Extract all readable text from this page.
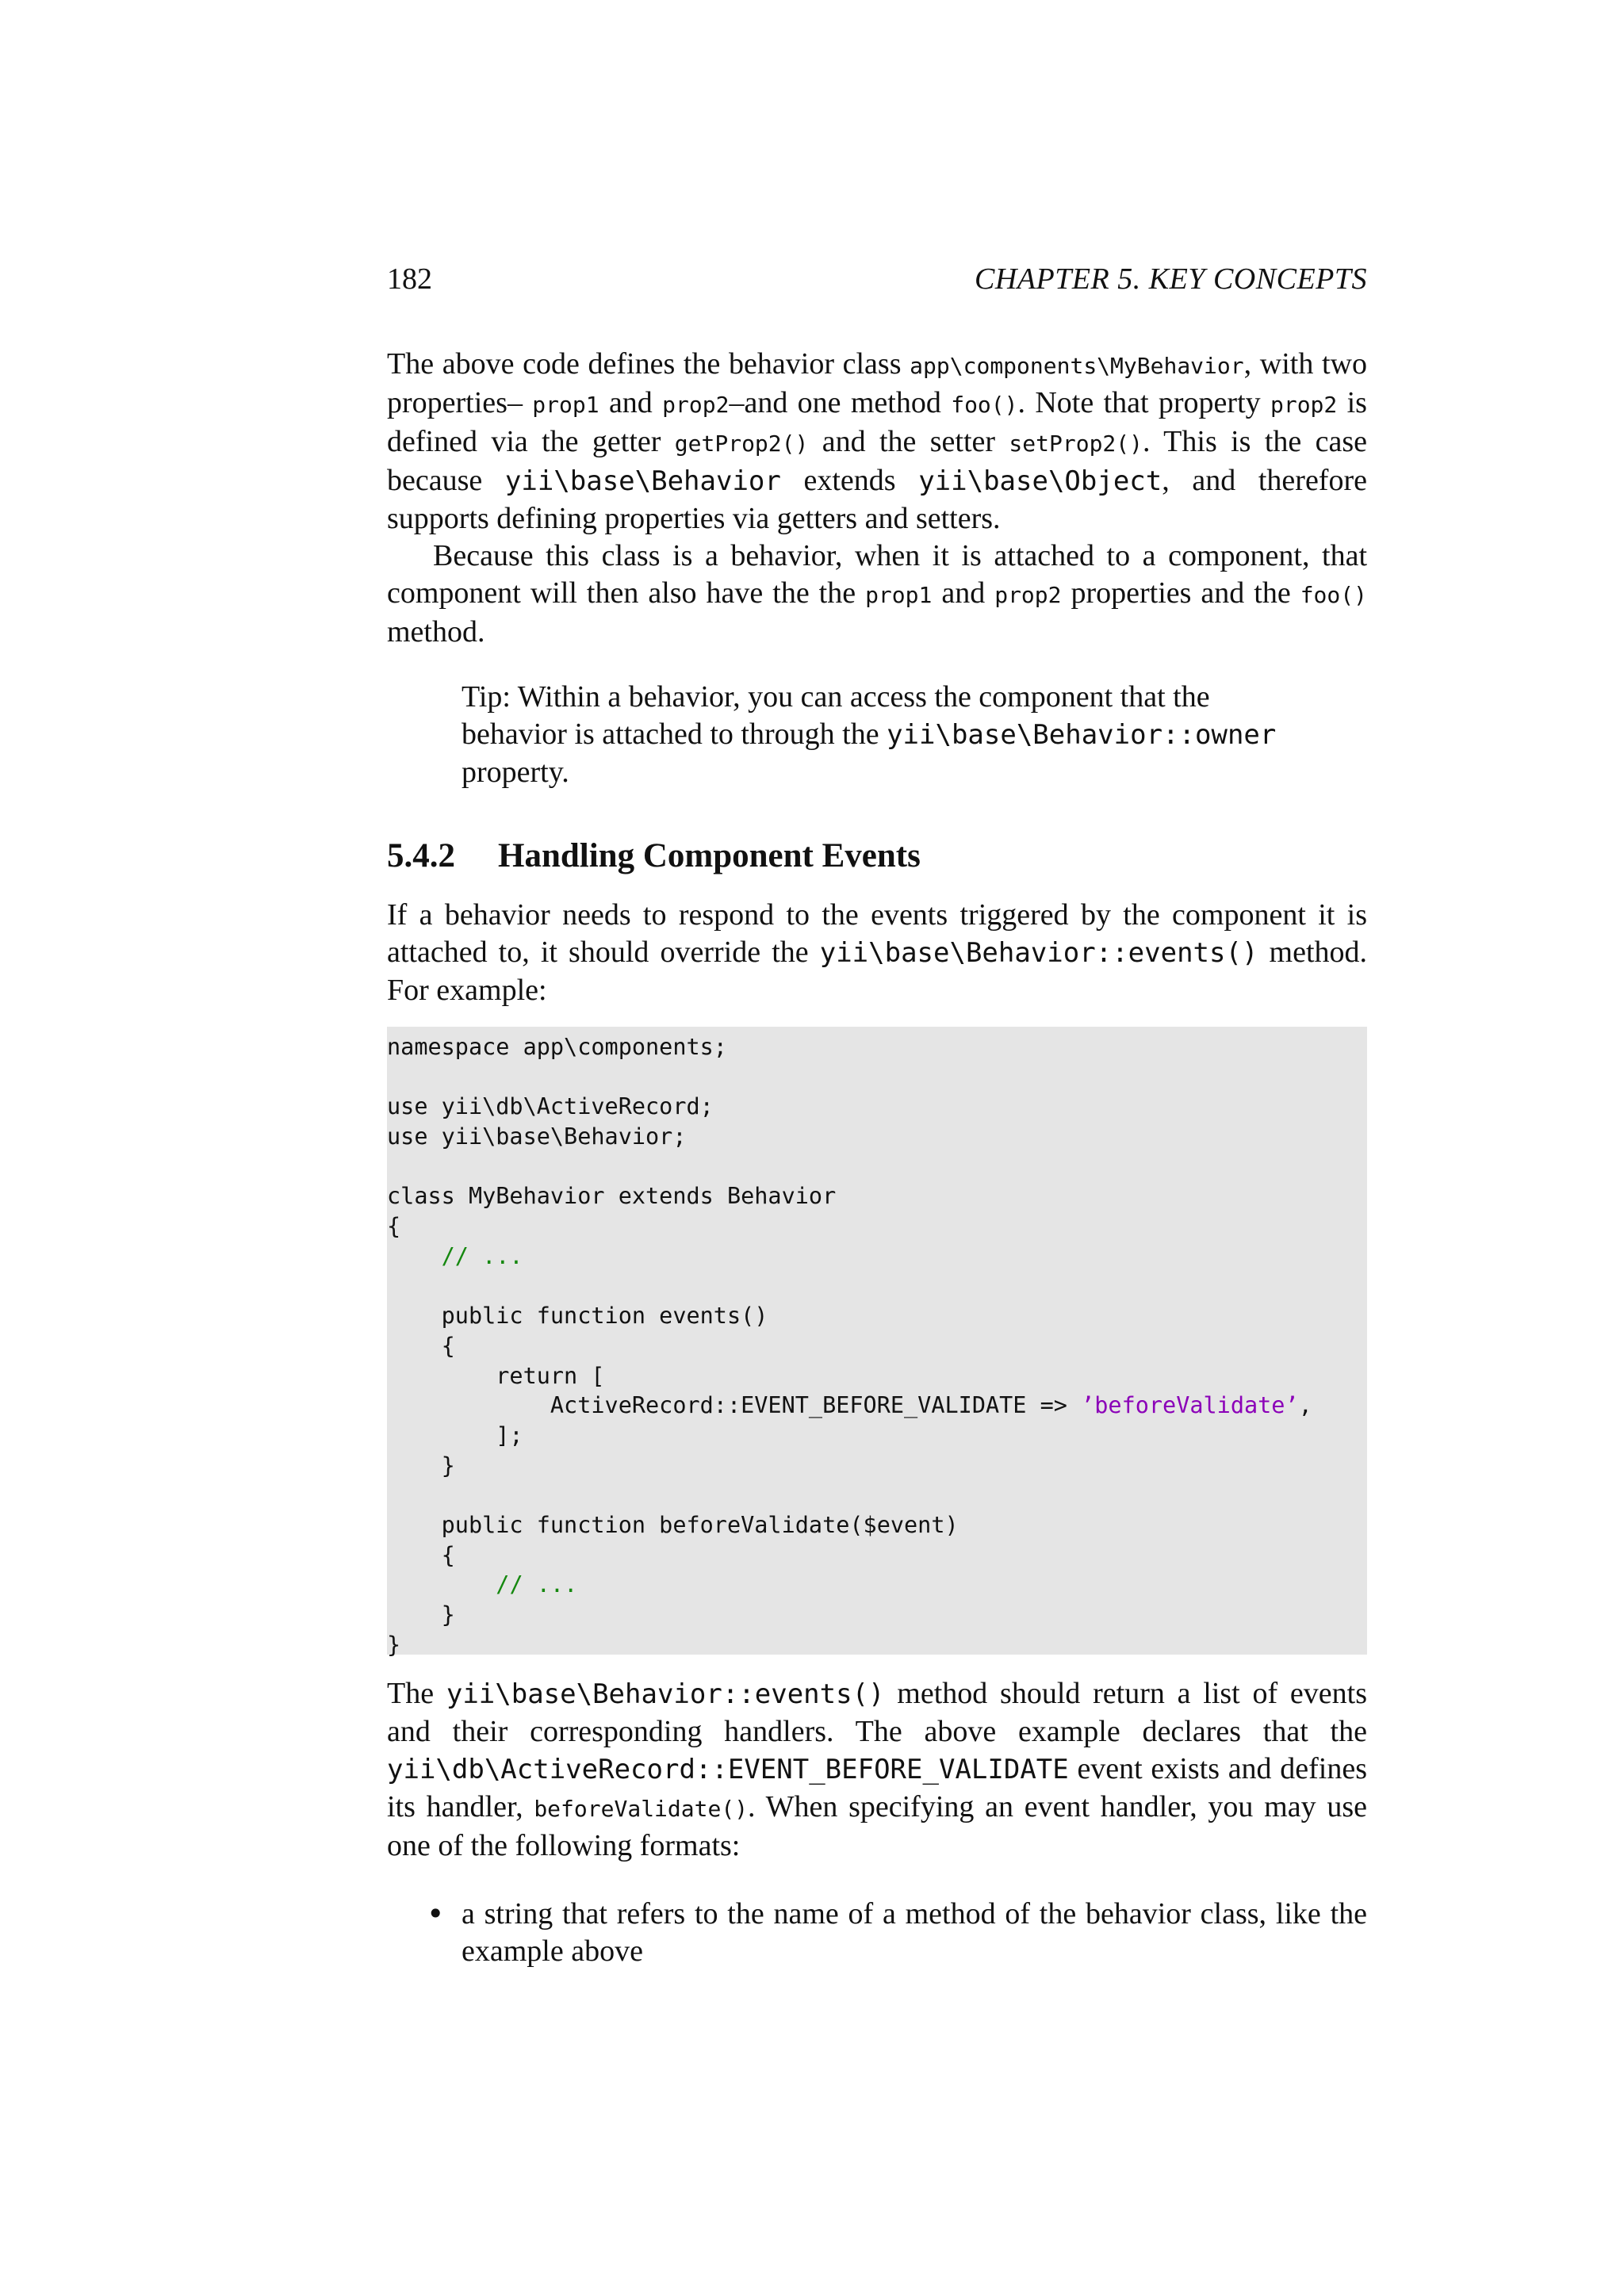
182	CHAPTER 5. KEY CONCEPTS

The above code defines the behavior class app\components\MyBehavior, with two properties– prop1 and prop2–and one method foo(). Note that property prop2 is defined via the getter getProp2() and the setter setProp2(). This is the case because yii\base\Behavior extends yii\base\Object, and therefore supports defining properties via getters and setters.

Because this class is a behavior, when it is attached to a component, that component will then also have the the prop1 and prop2 properties and the foo() method.

Tip: Within a behavior, you can access the component that the behavior is attached to through the yii\base\Behavior::owner property.
5.4.2 Handling Component Events

If a behavior needs to respond to the events triggered by the component it is attached to, it should override the yii\base\Behavior::events() method. For example:

namespace app\components;
use yii\db\ActiveRecord;
use yii\base\Behavior;
class MyBehavior extends Behavior
{
// ...
public function events()
{
return [
ActiveRecord::EVENT_BEFORE_VALIDATE => ’beforeValidate’,
];
}
public function beforeValidate($event)
{
// ...
}
}

The yii\base\Behavior::events() method should return a list of events and their corresponding handlers. The above example declares that the yii\db\ActiveRecord::EVENT_BEFORE_VALIDATE event exists and defines its handler, beforeValidate(). When specifying an event handler, you may use one of the following formats:

• a string that refers to the name of a method of the behavior class, like the example above
